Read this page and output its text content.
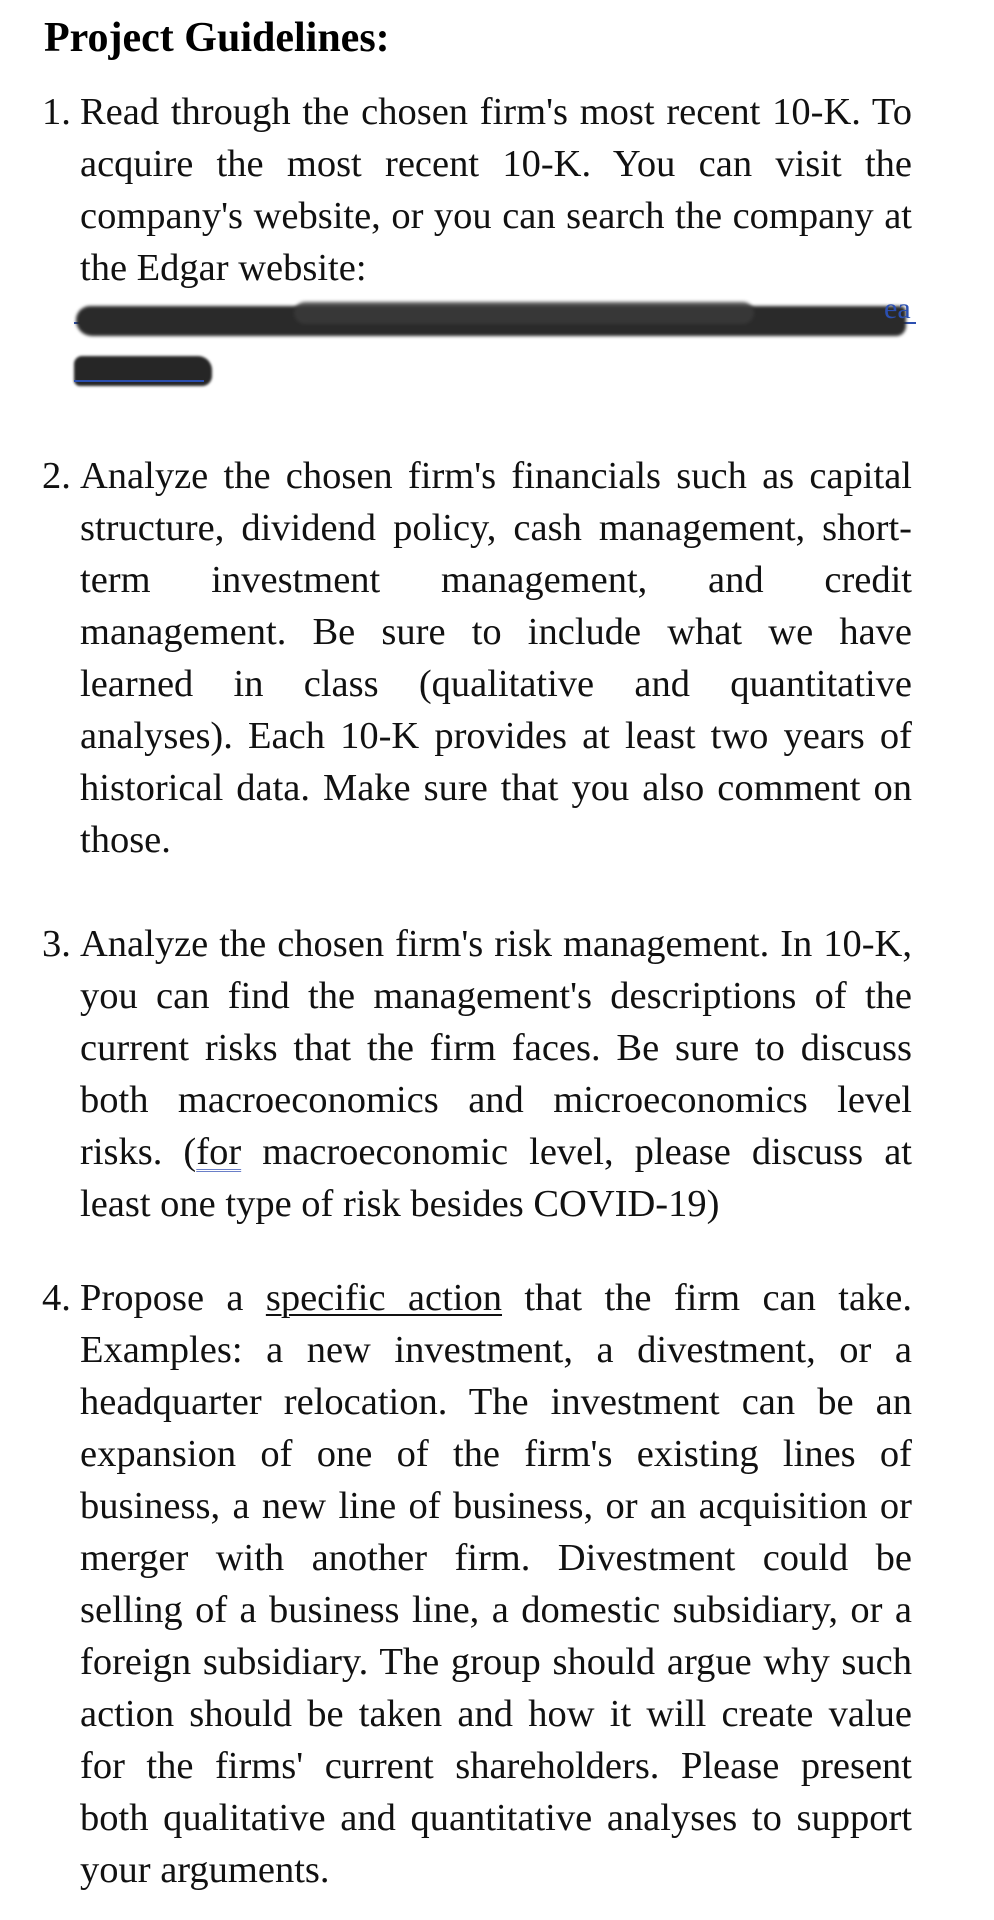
Project Guidelines:
1. Read through the chosen firm's most recent 10-K. To acquire the most recent 10-K. You can visit the company's website, or you can search the company at the Edgar website:
ea
2. Analyze the chosen firm's financials such as capital structure, dividend policy, cash management, short-term investment management, and credit management. Be sure to include what we have learned in class (qualitative and quantitative analyses). Each 10-K provides at least two years of historical data. Make sure that you also comment on those.
3. Analyze the chosen firm's risk management. In 10-K, you can find the management's descriptions of the current risks that the firm faces. Be sure to discuss both macroeconomics and microeconomics level risks. (for macroeconomic level, please discuss at least one type of risk besides COVID-19)
4. Propose a specific action that the firm can take. Examples: a new investment, a divestment, or a headquarter relocation. The investment can be an expansion of one of the firm's existing lines of business, a new line of business, or an acquisition or merger with another firm. Divestment could be selling of a business line, a domestic subsidiary, or a foreign subsidiary. The group should argue why such action should be taken and how it will create value for the firms' current shareholders. Please present both qualitative and quantitative analyses to support your arguments.
